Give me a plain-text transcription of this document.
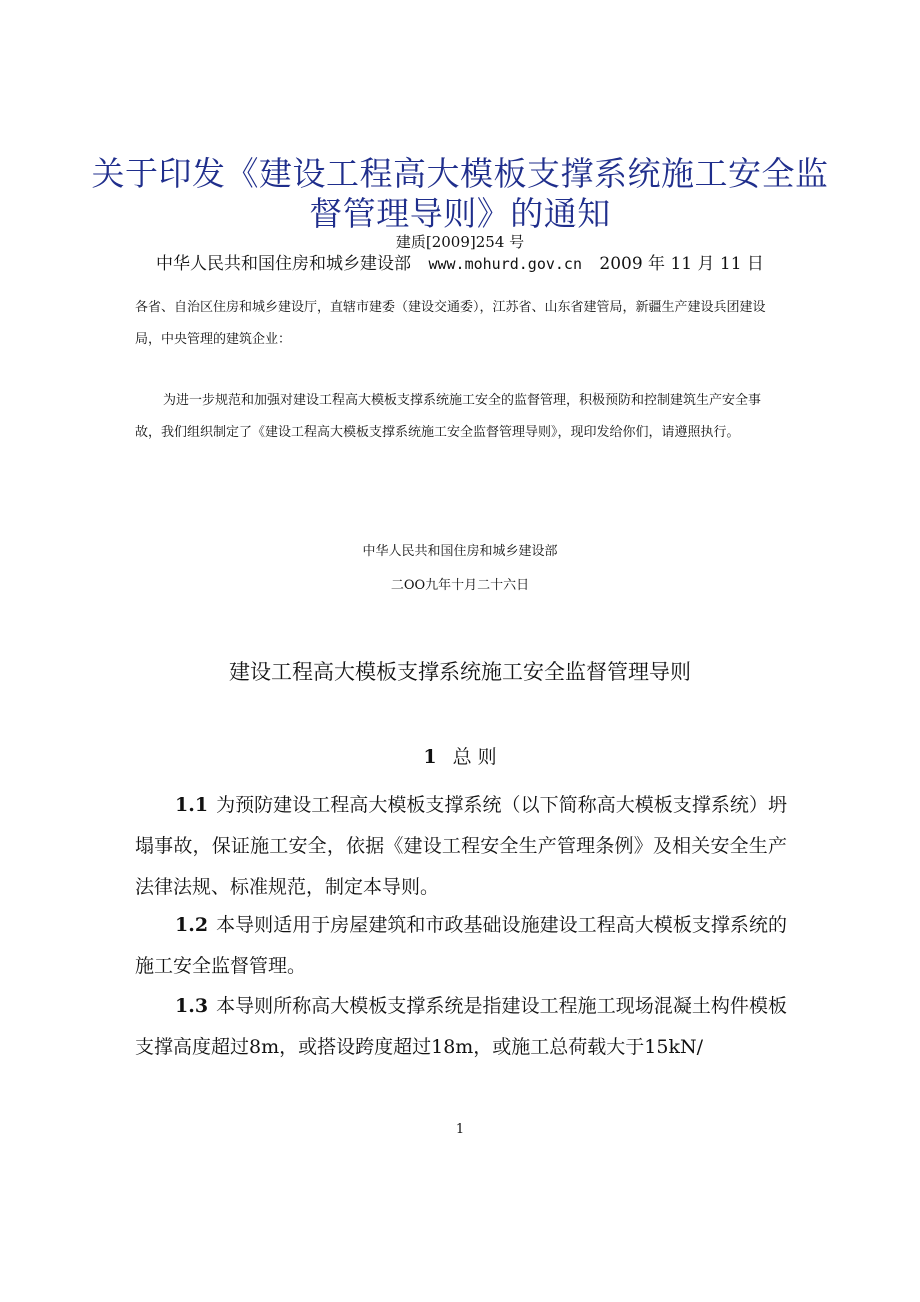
关于印发《建设工程高大模板支撑系统施工安全监
督管理导则》的通知
建质[2009]254 号
中华人民共和国住房和城乡建设部 www.mohurd.gov.cn 2009 年 11 月 11 日
各省、自治区住房和城乡建设厅，直辖市建委（建设交通委），江苏省、山东省建管局，新疆生产建设兵团建设局，中央管理的建筑企业：
为进一步规范和加强对建设工程高大模板支撑系统施工安全的监督管理，积极预防和控制建筑生产安全事故，我们组织制定了《建设工程高大模板支撑系统施工安全监督管理导则》，现印发给你们，请遵照执行。
中华人民共和国住房和城乡建设部
二OO九年十月二十六日
建设工程高大模板支撑系统施工安全监督管理导则
1 总 则
1.1 为预防建设工程高大模板支撑系统（以下简称高大模板支撑系统）坍塌事故，保证施工安全，依据《建设工程安全生产管理条例》及相关安全生产法律法规、标准规范，制定本导则。
1.2 本导则适用于房屋建筑和市政基础设施建设工程高大模板支撑系统的施工安全监督管理。
1.3 本导则所称高大模板支撑系统是指建设工程施工现场混凝土构件模板支撑高度超过8m，或搭设跨度超过18m，或施工总荷载大于15kN/
1
